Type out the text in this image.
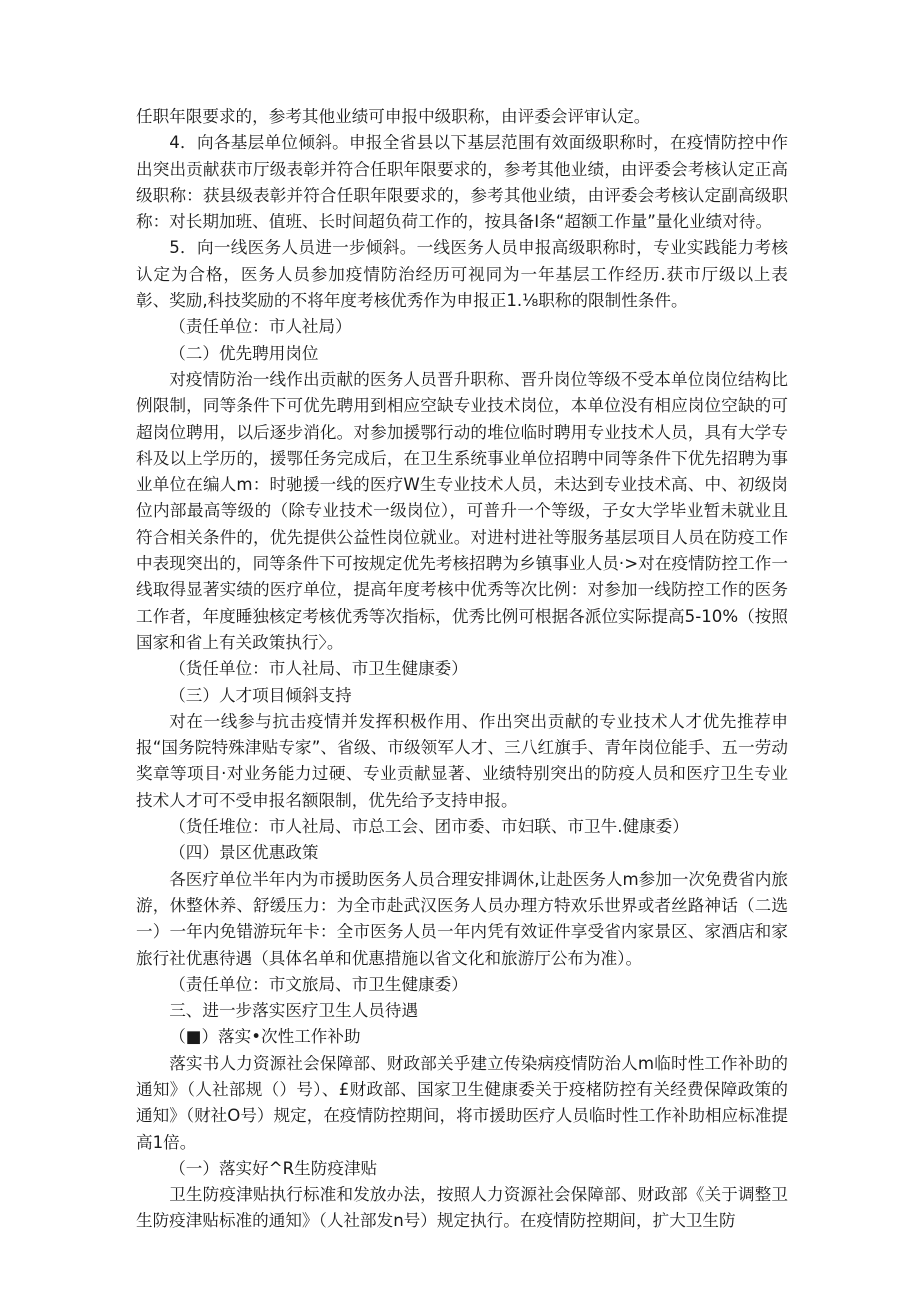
任职年限要求的，参考其他业绩可申报中级职称，由评委会评审认定。

4．向各基层单位倾斜。申报全省县以下基层范围有效面级职称时，在疫情防控中作出突出贡献获市厅级表彰并符合任职年限要求的，参考其他业绩，由评委会考核认定正高级职称：获县级表彰并符合任职年限要求的，参考其他业绩，由评委会考核认定副高级职称：对长期加班、值班、长时间超负荷工作的，按具备Ⅰ条“超额工作量”量化业绩对待。

5．向一线医务人员进一步倾斜。一线医务人员申报高级职称时，专业实践能力考核认定为合格，医务人员参加疫情防治经历可视同为一年基层工作经历.获市厅级以上表彰、奖励,科技奖励的不将年度考核优秀作为申报正1.⅛职称的限制性条件。

（责任单位：市人社局）

（二）优先聘用岗位

对疫情防治一线作出贡献的医务人员晋升职称、晋升岗位等级不受本单位岗位结构比例限制，同等条件下可优先聘用到相应空缺专业技术岗位，本单位没有相应岗位空缺的可超岗位聘用，以后逐步消化。对参加援鄂行动的堆位临时聘用专业技术人员，具有大学专科及以上学历的，援鄂任务完成后，在卫生系统事业单位招聘中同等条件下优先招聘为事业单位在编人m：时驰援一线的医疗W生专业技术人员，未达到专业技术高、中、初级岗位内部最高等级的（除专业技术一级岗位），可普升一个等级，子女大学毕业暂未就业且符合相关条件的，优先提供公益性岗位就业。对进村进社等服务基层项目人员在防疫工作中表现突出的，同等条件下可按规定优先考核招聘为乡镇事业人员·>对在疫情防控工作一线取得显著实绩的医疗单位，提高年度考核中优秀等次比例：对参加一线防控工作的医务工作者，年度睡独核定考核优秀等次指标，优秀比例可根据各派位实际提高5-10%（按照国家和省上有关政策执行〉。

（货任单位：市人社局、市卫生健康委）

（三）人才项目倾斜支持

对在一线参与抗击疫情并发挥积极作用、作出突出贡献的专业技术人才优先推荐申报“国务院特殊津贴专家”、省级、市级领军人才、三八红旗手、青年岗位能手、五一劳动奖章等项目·对业务能力过硬、专业贡献显著、业绩特别突出的防疫人员和医疗卫生专业技术人才可不受申报名额限制，优先给予支持申报。

（货任堆位：市人社局、市总工会、团市委、市妇联、市卫牛.健康委）

（四）景区优惠政策

各医疗单位半年内为市援助医务人员合理安排调休,让赴医务人m参加一次免费省内旅游，休整休养、舒缓压力：为全市赴武汉医务人员办理方特欢乐世界或者丝路神话（二选一）一年内免错游玩年卡：全市医务人员一年内凭有效证件享受省内家景区、家酒店和家旅行社优惠待遇（具体名单和优惠措施以省文化和旅游厅公布为准）。

（责任单位：市文旅局、市卫生健康委）

三、进一步落实医疗卫生人员待遇

（■）落实•次性工作补助

落实书人力资源社会保障部、财政部关乎建立传染病疫情防治人m临时性工作补助的通知》（人社部规（）号）、£财政部、国家卫生健康委关于疫楮防控有关经费保障政策的通知》（财社O号）规定，在疫情防控期间，将市援助医疗人员临时性工作补助相应标准提高1倍。

（一）落实好^R生防疫津贴

卫生防疫津贴执行标准和发放办法，按照人力资源社会保障部、财政部《关于调整卫生防疫津贴标准的通知》（人社部发n号）规定执行。在疫情防控期间，扩大卫生防
